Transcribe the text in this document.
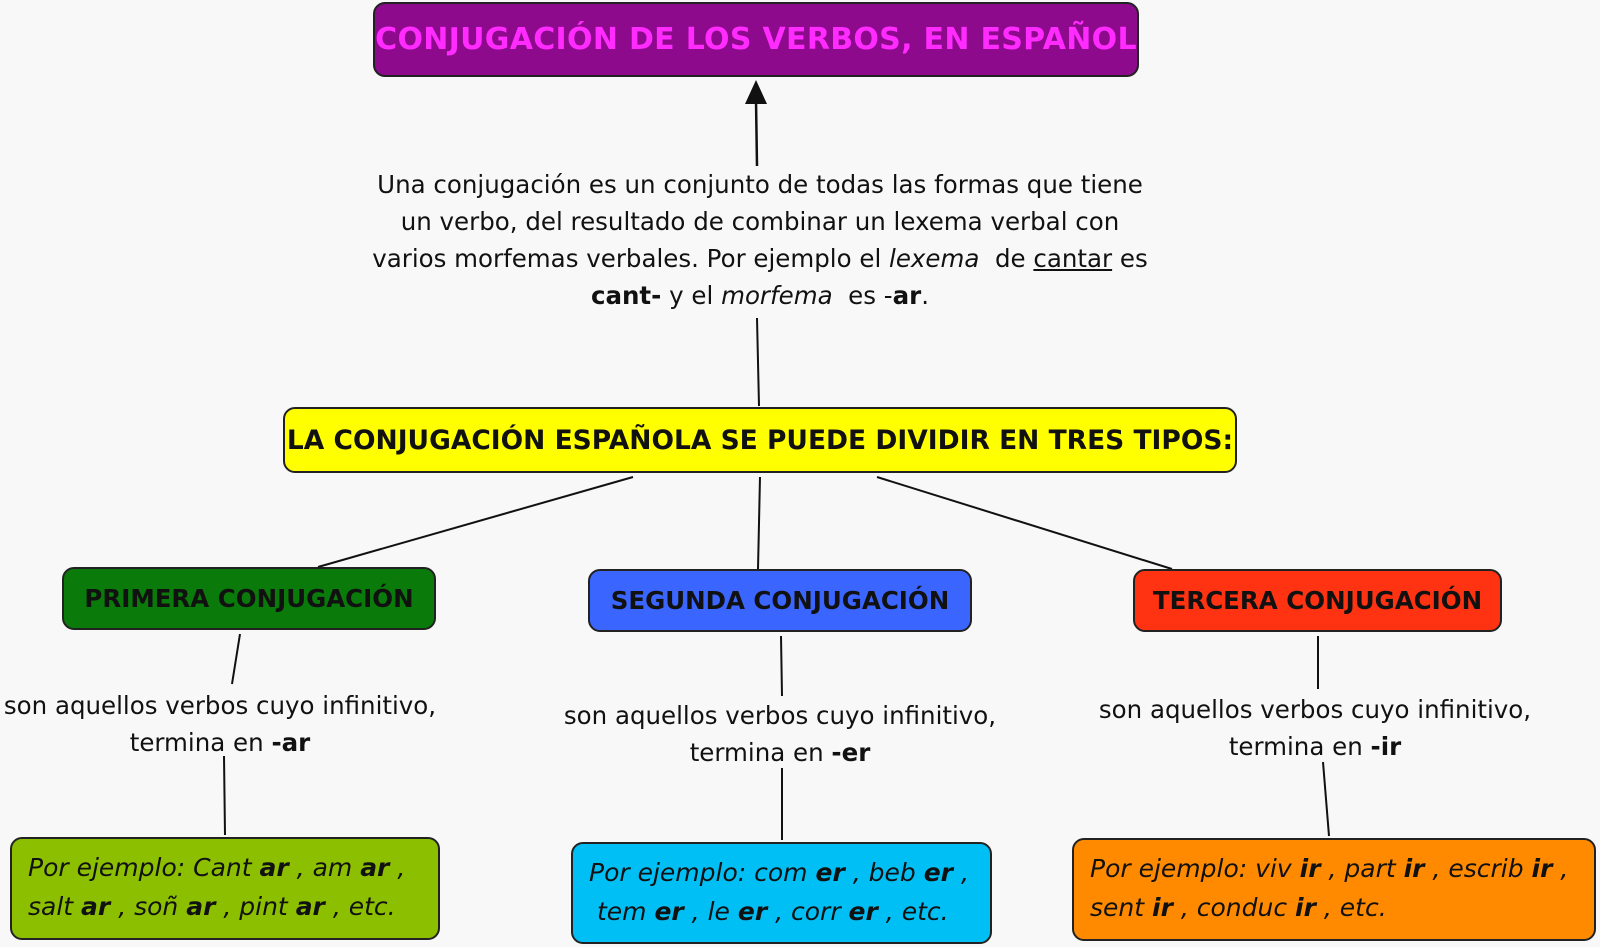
CONJUGACIÓN DE LOS VERBOS, EN ESPAÑOL
Una conjugación es un conjunto de todas las formas que tiene
un verbo, del resultado de combinar un lexema verbal con
varios morfemas verbales. Por ejemplo el lexema  de cantar es
cant- y el morfema  es -ar.
LA CONJUGACIÓN ESPAÑOLA SE PUEDE DIVIDIR EN TRES TIPOS:
PRIMERA CONJUGACIÓN	SEGUNDA CONJUGACIÓN	TERCERA CONJUGACIÓN
son aquellos verbos cuyo infinitivo,
termina en -ar
son aquellos verbos cuyo infinitivo,
termina en -er
son aquellos verbos cuyo infinitivo,
termina en -ir
Por ejemplo: Cant ar , am ar ,
salt ar , soñ ar , pint ar , etc.
Por ejemplo: com er , beb er ,
tem er , le er , corr er , etc.
Por ejemplo: viv ir , part ir , escrib ir ,
sent ir , conduc ir , etc.
